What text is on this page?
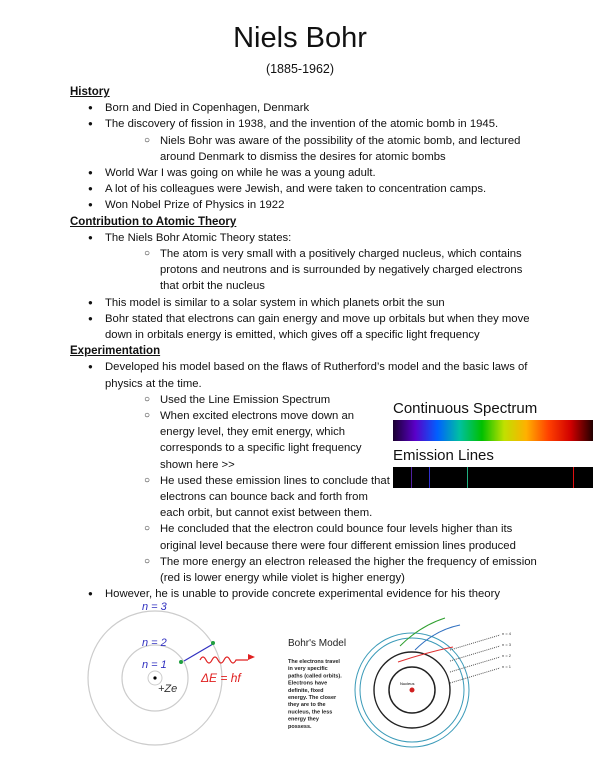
Niels Bohr
(1885-1962)
History
● Born and Died in Copenhagen, Denmark
● The discovery of fission in 1938, and the invention of the atomic bomb in 1945.
○ Niels Bohr was aware of the possibility of the atomic bomb, and lectured around Denmark to dismiss the desires for atomic bombs
● World War I was going on while he was a young adult.
● A lot of his colleagues were Jewish, and were taken to concentration camps.
● Won Nobel Prize of Physics in 1922
Contribution to Atomic Theory
● The Niels Bohr Atomic Theory states:
○ The atom is very small with a positively charged nucleus, which contains protons and neutrons and is surrounded by negatively charged electrons that orbit the nucleus
● This model is similar to a solar system in which planets orbit the sun
● Bohr stated that electrons can gain energy and move up orbitals but when they move down in orbitals energy is emitted, which gives off a specific light frequency
Experimentation
● Developed his model based on the flaws of Rutherford’s model and the basic laws of physics at the time.
○ Used the Line Emission Spectrum
○ When excited electrons move down an energy level, they emit energy, which corresponds to a specific light frequency shown here >>
○ He used these emission lines to conclude that electrons can bounce back and forth from each orbit, but cannot exist between them.
○ He concluded that the electron could bounce four levels higher than its original level because there were four different emission lines produced
○ The more energy an electron released the higher the frequency of emission (red is lower energy while violet is higher energy)
● However, he is unable to provide concrete experimental evidence for his theory
Continuous Spectrum
Emission Lines
n = 3
n = 2
n = 1
+Ze
ΔE = hf
Bohr's Model
The electrons travel in very specific paths (called orbits). Electrons have definite, fixed energy. The closer they are to the nucleus, the less energy they possess.
Nucleus
n = 4
n = 3
n = 2
n = 1
